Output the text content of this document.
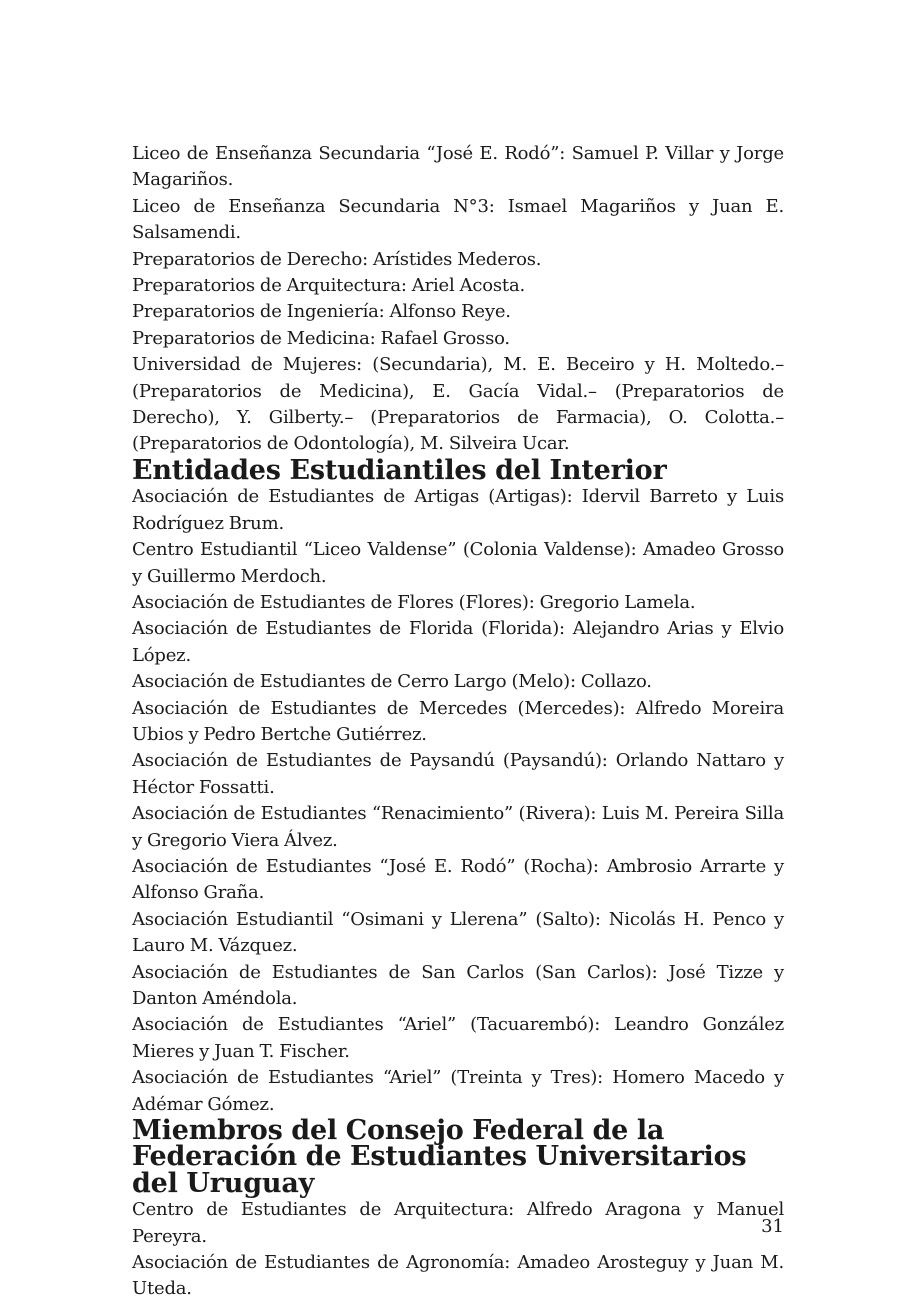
Liceo de Enseñanza Secundaria “José E. Rodó”: Samuel P. Villar y Jorge Magariños.

Liceo de Enseñanza Secundaria N°3: Ismael Magariños y Juan E. Salsamendi.

Preparatorios de Derecho: Arístides Mederos.

Preparatorios de Arquitectura: Ariel Acosta.

Preparatorios de Ingeniería: Alfonso Reye.

Preparatorios de Medicina: Rafael Grosso.

Universidad de Mujeres: (Secundaria), M. E. Beceiro y H. Moltedo.– (Preparatorios de Medicina), E. Gacía Vidal.– (Preparatorios de Derecho), Y. Gilberty.– (Preparatorios de Farmacia), O. Colotta.– (Preparatorios de Odontología), M. Silveira Ucar.

Entidades Estudiantiles del Interior

Asociación de Estudiantes de Artigas (Artigas): Idervil Barreto y Luis Rodríguez Brum.

Centro Estudiantil “Liceo Valdense” (Colonia Valdense): Amadeo Grosso y Guillermo Merdoch.

Asociación de Estudiantes de Flores (Flores): Gregorio Lamela.

Asociación de Estudiantes de Florida (Florida): Alejandro Arias y Elvio López.

Asociación de Estudiantes de Cerro Largo (Melo): Collazo.

Asociación de Estudiantes de Mercedes (Mercedes): Alfredo Moreira Ubios y Pedro Bertche Gutiérrez.

Asociación de Estudiantes de Paysandú (Paysandú): Orlando Nattaro y Héctor Fossatti.

Asociación de Estudiantes “Renacimiento” (Rivera): Luis M. Pereira Silla y Gregorio Viera Álvez.

Asociación de Estudiantes “José E. Rodó” (Rocha): Ambrosio Arrarte y Alfonso Graña.

Asociación Estudiantil “Osimani y Llerena” (Salto): Nicolás H. Penco y Lauro M. Vázquez.

Asociación de Estudiantes de San Carlos (San Carlos): José Tizze y Danton Améndola.

Asociación de Estudiantes “Ariel” (Tacuarembó): Leandro González Mieres y Juan T. Fischer.

Asociación de Estudiantes “Ariel” (Treinta y Tres): Homero Macedo y Adémar Gómez.

Miembros del Consejo Federal de la Federación de Estudiantes Universitarios del Uruguay

Centro de Estudiantes de Arquitectura: Alfredo Aragona y Manuel Pereyra.

Asociación de Estudiantes de Agronomía: Amadeo Arosteguy y Juan M. Uteda.

31
